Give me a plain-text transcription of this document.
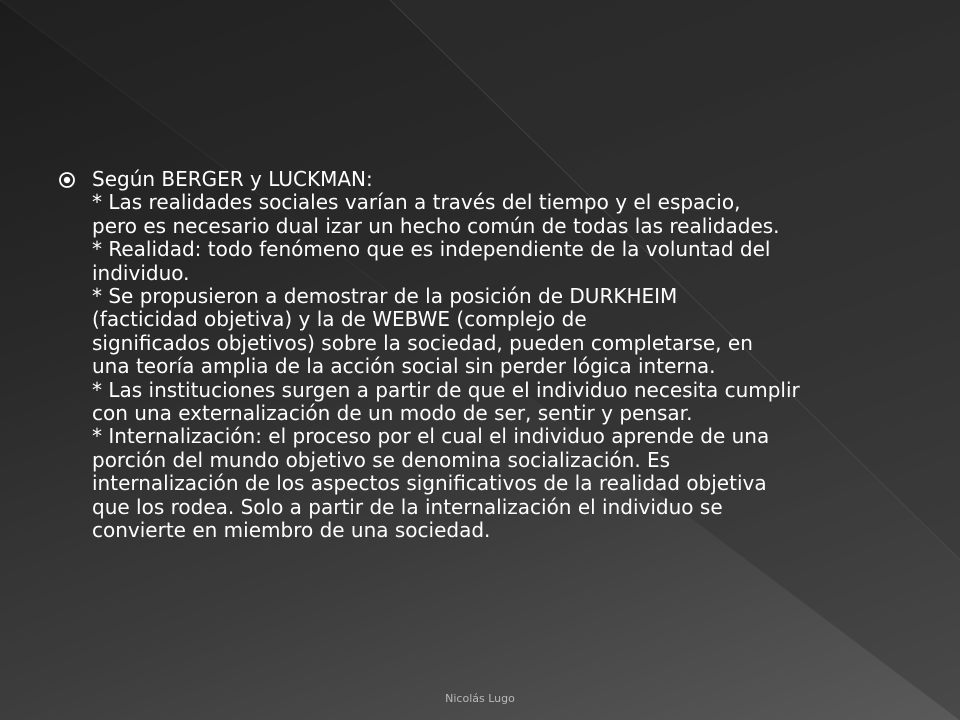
Según BERGER y LUCKMAN:
* Las realidades sociales varían a través del tiempo y el espacio,
pero es necesario dual izar un hecho común de todas las realidades.
* Realidad: todo fenómeno que es independiente de la voluntad del
individuo.
* Se propusieron a demostrar de la posición de DURKHEIM
(facticidad objetiva) y la de WEBWE (complejo de
significados objetivos) sobre la sociedad, pueden completarse, en
una teoría amplia de la acción social sin perder lógica interna.
* Las instituciones surgen a partir de que el individuo necesita cumplir
con una externalización de un modo de ser, sentir y pensar.
* Internalización: el proceso por el cual el individuo aprende de una
porción del mundo objetivo se denomina socialización. Es
internalización de los aspectos significativos de la realidad objetiva
que los rodea. Solo a partir de la internalización el individuo se
convierte en miembro de una sociedad.
Nicolás Lugo
